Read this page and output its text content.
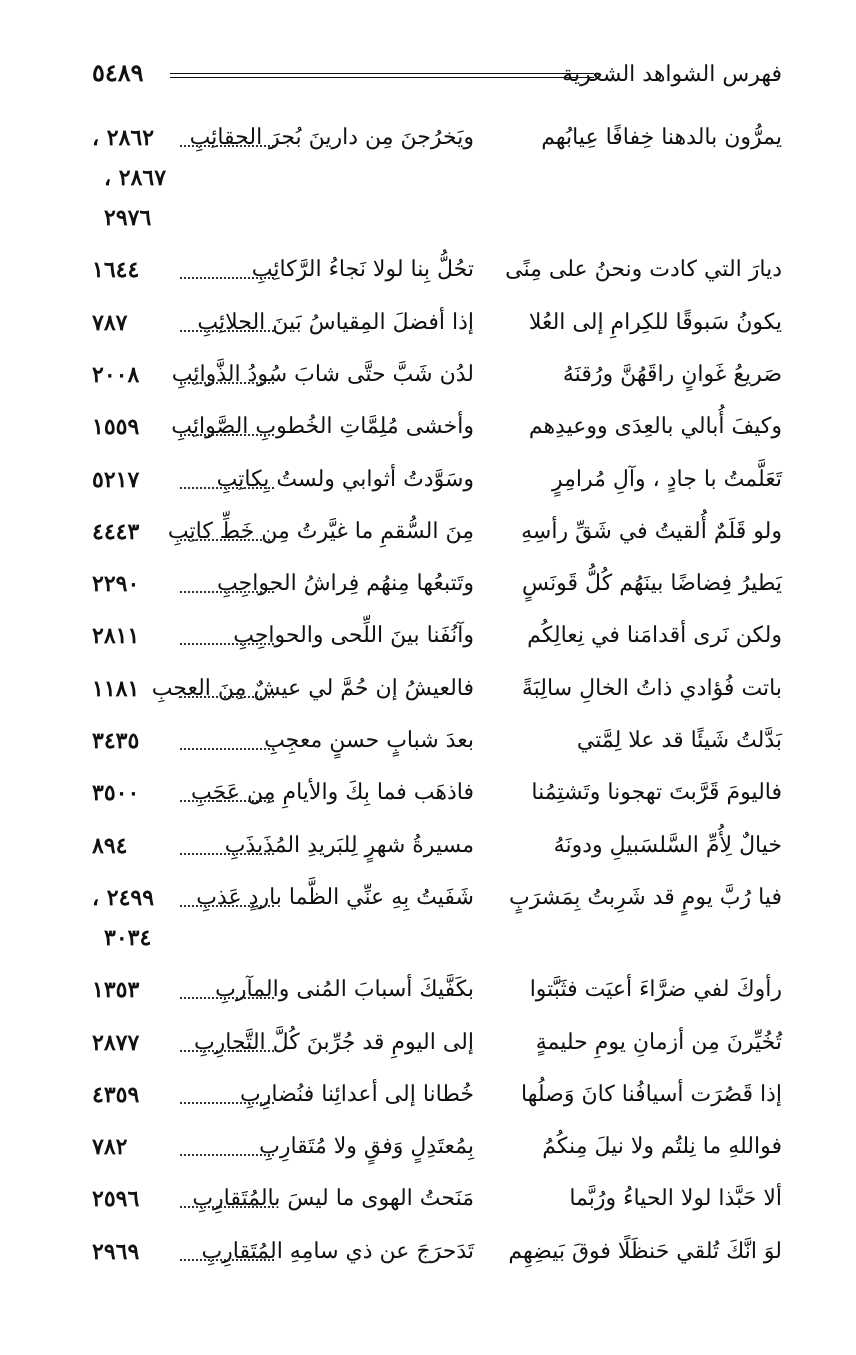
٥٤٨٩	فهرس الشواهد الشعرية
يمرُّون بالدهنا خِفافًا عِيابُهم
ويَخرُجنَ مِن دارينَ بُجرَ الحقائِبِ
٢٨٦٢ ،
٢٨٦٧ ،
٢٩٧٦
ديارَ التي كادت ونحنُ على مِنًى
تحُلُّ بِنا لولا نَجاءُ الرَّكائِبِ
١٦٤٤
يكونُ سَبوقًا للكِرامِ إلى العُلا
إذا أفضلَ المِقياسُ بَينَ الحلائِبِ
٧٨٧
صَريعُ غَوانٍ راقَهُنَّ ورُقنَهُ
لدُن شَبَّ حتَّى شابَ سُودُ الذَّوائِبِ
٢٠٠٨
وكيفَ أُبالي بالعِدَى ووعيدِهم
وأخشى مُلِمَّاتِ الخُطوبِ الصَّوائِبِ
١٥٥٩
تَعَلَّمتُ با جادٍ ، وآلِ مُرامِرٍ
وسَوَّدتُ أثوابي ولستُ بِكاتِبِ
٥٢١٧
ولو قَلَمٌ أُلقيتُ في شَقِّ رأسِهِ
مِنَ السُّقمِ ما غيَّرتُ مِن خَطِّ كاتِبِ
٤٤٤٣
يَطيرُ فِضاضًا بينَهُم كُلُّ قَونَسٍ
وتَتبعُها مِنهُم فِراشُ الحواجِبِ
٢٢٩٠
ولكن نَرى أقدامَنا في نِعالِكُم
وآنُفَنا بينَ اللِّحى والحواجِبِ
٢٨١١
باتت فُؤادي ذاتُ الخالِ سالِبَةً
فالعيشُ إن حُمَّ لي عيشٌ مِنَ العجبِ
١١٨١
بَدَّلتُ شَيئًا قد علا لِمَّتي
بعدَ شبابٍ حسنٍ معجِبِ
٣٤٣٥
فاليومَ قَرَّبتَ تهجونا وتَشتِمُنا
فاذهَب فما بِكَ والأيامِ مِن عَجَبِ
٣٥٠٠
خيالٌ لِأُمِّ السَّلسَبيلِ ودونَهُ
مسيرةُ شهرٍ لِلبَريدِ المُذَبذَبِ
٨٩٤
فيا رُبَّ يومٍ قد شَرِبتُ بِمَشرَبٍ
شَفَيتُ بِهِ عنِّي الظَّما باردٍ عَذبِ
٢٤٩٩ ،
٣٠٣٤
رأوكَ لفي ضرَّاءَ أعيَت فثَبَّتوا
بكَفَّيكَ أسبابَ المُنى والمآربِ
١٣٥٣
تُخُيِّرنَ مِن أزمانِ يومِ حليمةٍ
إلى اليومِ قد جُرِّبنَ كُلَّ التَّجارِبِ
٢٨٧٧
إذا قَصُرَت أسيافُنا كانَ وَصلُها
خُطانا إلى أعدائِنا فنُضارِبِ
٤٣٥٩
فواللهِ ما نِلتُم ولا نيلَ مِنكُمُ
بِمُعتَدِلٍ وَفقٍ ولا مُتَقارِبِ
٧٨٢
ألا حَبَّذا لولا الحياءُ ورُبَّما
مَنَحتُ الهوى ما ليسَ بالمُتَقارِبِ
٢٥٩٦
لوَ انَّكَ تُلقي حَنظَلًا فوقَ بَيضِهِم
تَدَحرَجَ عن ذي سامِهِ المُتَقارِبِ
٢٩٦٩
